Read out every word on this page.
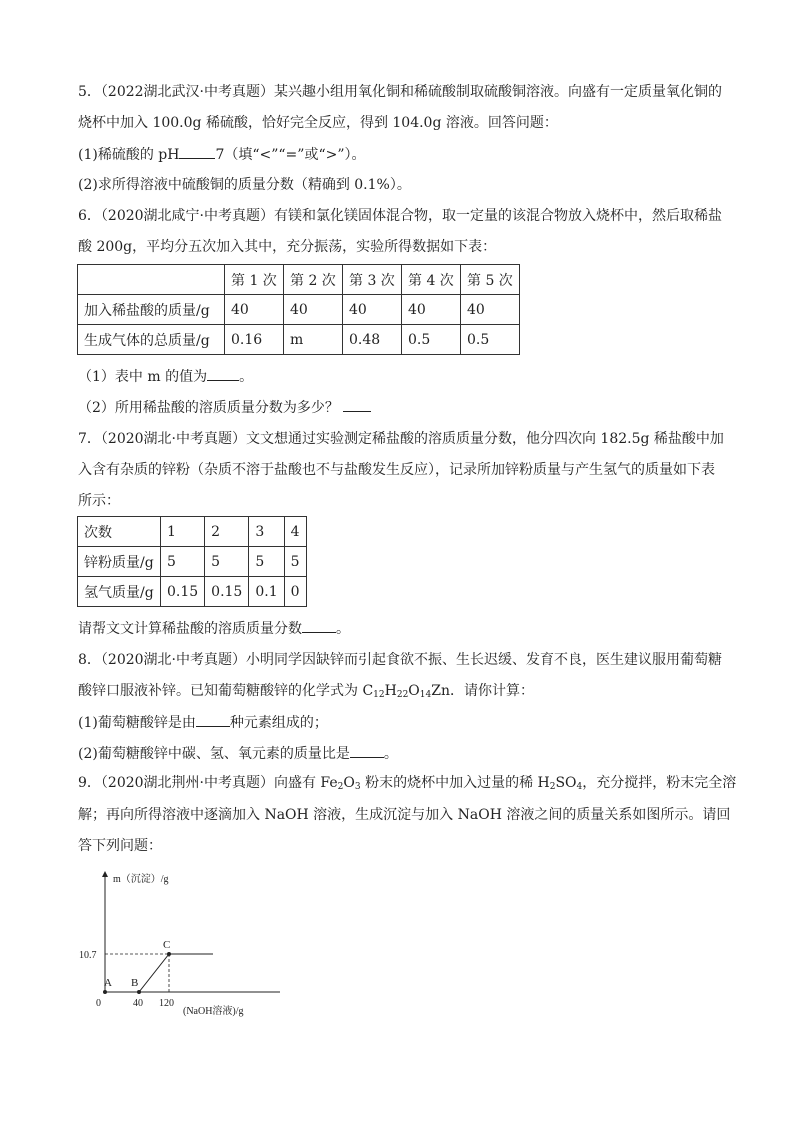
5．（2022湖北武汉·中考真题）某兴趣小组用氧化铜和稀硫酸制取硫酸铜溶液。向盛有一定质量氧化铜的
烧杯中加入 100.0g 稀硫酸，恰好完全反应，得到 104.0g 溶液。回答问题：
(1)稀硫酸的 pH	7（填“<”“=”或“>”）。
(2)求所得溶液中硫酸铜的质量分数（精确到 0.1%）。
6．（2020湖北咸宁·中考真题）有镁和氯化镁固体混合物，取一定量的该混合物放入烧杯中，然后取稀盐
酸 200g，平均分五次加入其中，充分振荡，实验所得数据如下表：
	第 1 次	第 2 次	第 3 次	第 4 次	第 5 次
加入稀盐酸的质量/g	40	40	40	40	40
生成气体的总质量/g	0.16	m	0.48	0.5	0.5
（1）表中 m 的值为 。
（2）所用稀盐酸的溶质质量分数为多少？
7．（2020湖北·中考真题）文文想通过实验测定稀盐酸的溶质质量分数，他分四次向 182.5g 稀盐酸中加
入含有杂质的锌粉（杂质不溶于盐酸也不与盐酸发生反应），记录所加锌粉质量与产生氢气的质量如下表
所示：
次数	1	2	3	4
锌粉质量/g	5	5	5	5
氢气质量/g	0.15	0.15	0.1	0
请帮文文计算稀盐酸的溶质质量分数 。
8．（2020湖北·中考真题）小明同学因缺锌而引起食欲不振、生长迟缓、发育不良，医生建议服用葡萄糖
酸锌口服液补锌。已知葡萄糖酸锌的化学式为 $C_{12}H_{22}O_{14}Zn$．请你计算：
(1)葡萄糖酸锌是由 种元素组成的；
(2)葡萄糖酸锌中碳、氢、氧元素的质量比是 。
9．（2020湖北荆州·中考真题）向盛有 $Fe_2O_3$ 粉末的烧杯中加入过量的稀 $H_2SO_4$，充分搅拌，粉末完全溶
解；再向所得溶液中逐滴加入 NaOH 溶液，生成沉淀与加入 NaOH 溶液之间的质量关系如图所示。请回
答下列问题：
m（沉淀）/g
10.7
A B
C
0	40 120
(NaOH溶液)/g
